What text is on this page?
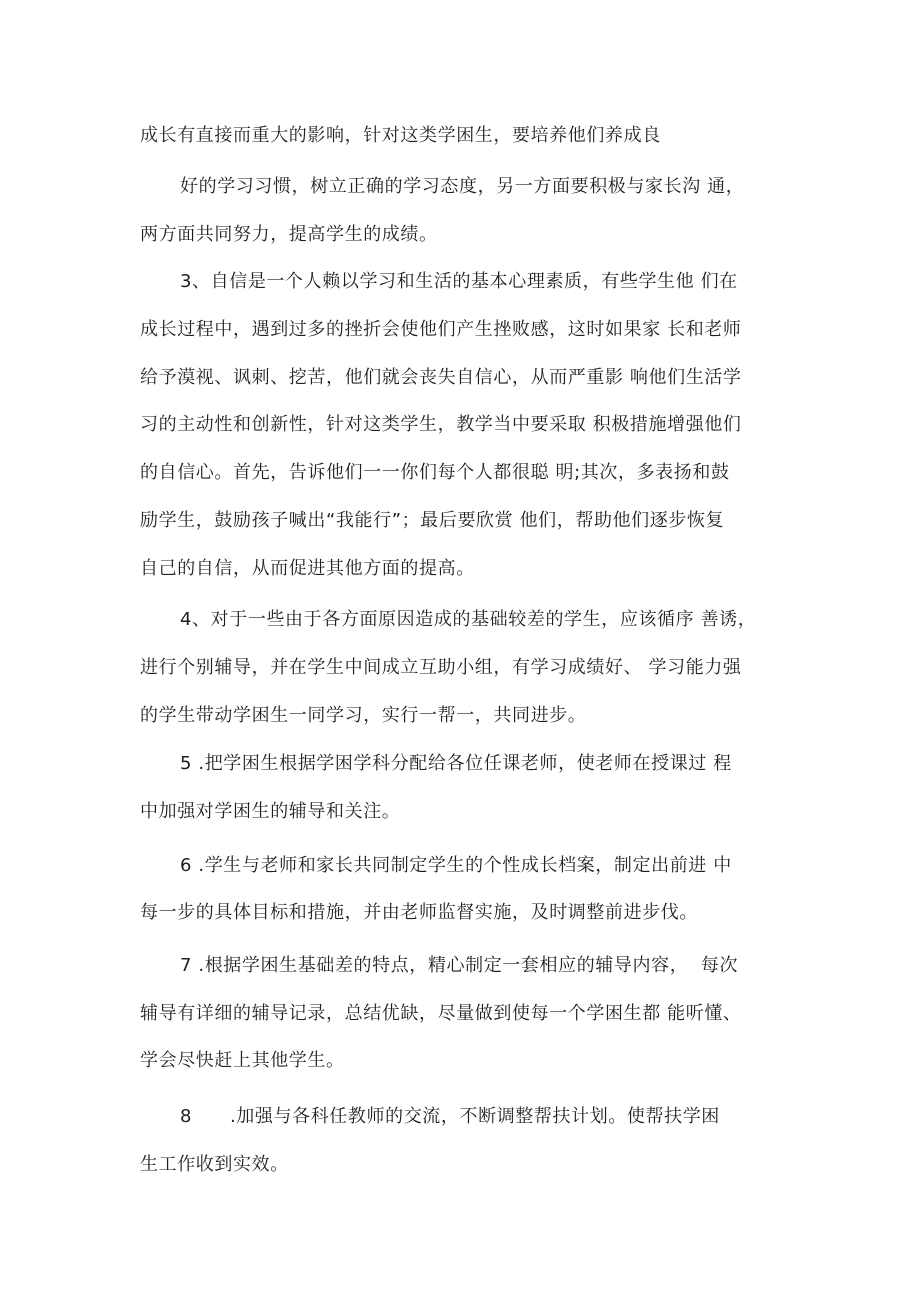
成长有直接而重大的影响，针对这类学困生，要培养他们养成良
好的学习习惯，树立正确的学习态度，另一方面要积极与家长沟 通，
两方面共同努力，提高学生的成绩。
3、自信是一个人赖以学习和生活的基本心理素质，有些学生他 们在
成长过程中，遇到过多的挫折会使他们产生挫败感，这时如果家 长和老师
给予漠视、讽刺、挖苦，他们就会丧失自信心，从而严重影 响他们生活学
习的主动性和创新性，针对这类学生，教学当中要采取 积极措施增强他们
的自信心。首先，告诉他们一一你们每个人都很聪 明;其次，多表扬和鼓
励学生，鼓励孩子喊出“我能行”；最后要欣赏 他们，帮助他们逐步恢复
自己的自信，从而促进其他方面的提高。
4、对于一些由于各方面原因造成的基础较差的学生，应该循序 善诱，
进行个别辅导，并在学生中间成立互助小组，有学习成绩好、 学习能力强
的学生带动学困生一同学习，实行一帮一，共同进步。
5 .把学困生根据学困学科分配给各位任课老师，使老师在授课过 程
中加强对学困生的辅导和关注。
6 .学生与老师和家长共同制定学生的个性成长档案，制定出前进 中
每一步的具体目标和措施，并由老师监督实施，及时调整前进步伐。
7 .根据学困生基础差的特点，精心制定一套相应的辅导内容，  每次
辅导有详细的辅导记录，总结优缺，尽量做到使每一个学困生都 能听懂、
学会尽快赶上其他学生。
8      .加强与各科任教师的交流，不断调整帮扶计划。使帮扶学困
生工作收到实效。
